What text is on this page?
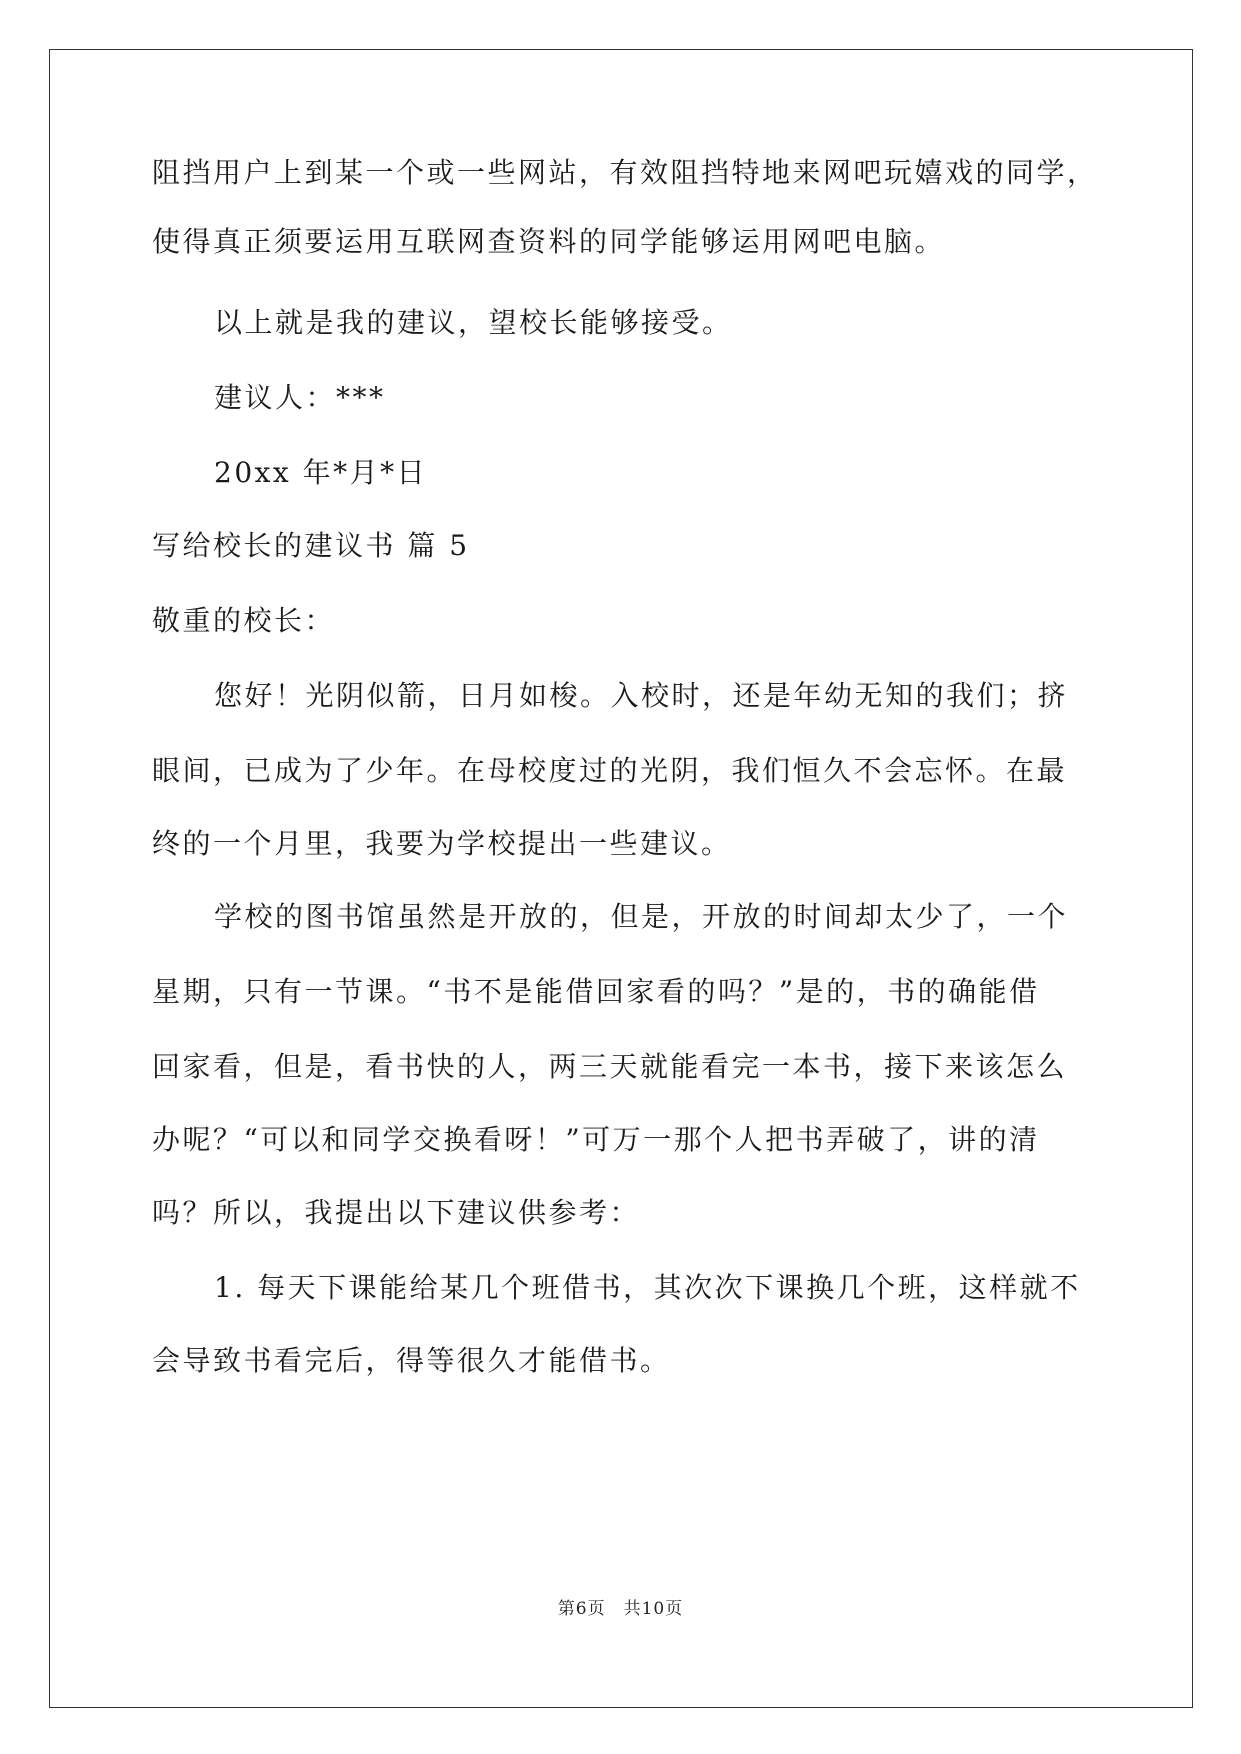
阻挡用户上到某一个或一些网站，有效阻挡特地来网吧玩嬉戏的同学，
使得真正须要运用互联网查资料的同学能够运用网吧电脑。
以上就是我的建议，望校长能够接受。
建议人：***
20xx 年*月*日
写给校长的建议书 篇 5
敬重的校长：
您好！光阴似箭，日月如梭。入校时，还是年幼无知的我们；挤
眼间，已成为了少年。在母校度过的光阴，我们恒久不会忘怀。在最
终的一个月里，我要为学校提出一些建议。
学校的图书馆虽然是开放的，但是，开放的时间却太少了，一个
星期，只有一节课。“书不是能借回家看的吗？”是的，书的确能借
回家看，但是，看书快的人，两三天就能看完一本书，接下来该怎么
办呢？“可以和同学交换看呀！”可万一那个人把书弄破了，讲的清
吗？所以，我提出以下建议供参考：
1. 每天下课能给某几个班借书，其次次下课换几个班，这样就不
会导致书看完后，得等很久才能借书。
第6页 共10页
